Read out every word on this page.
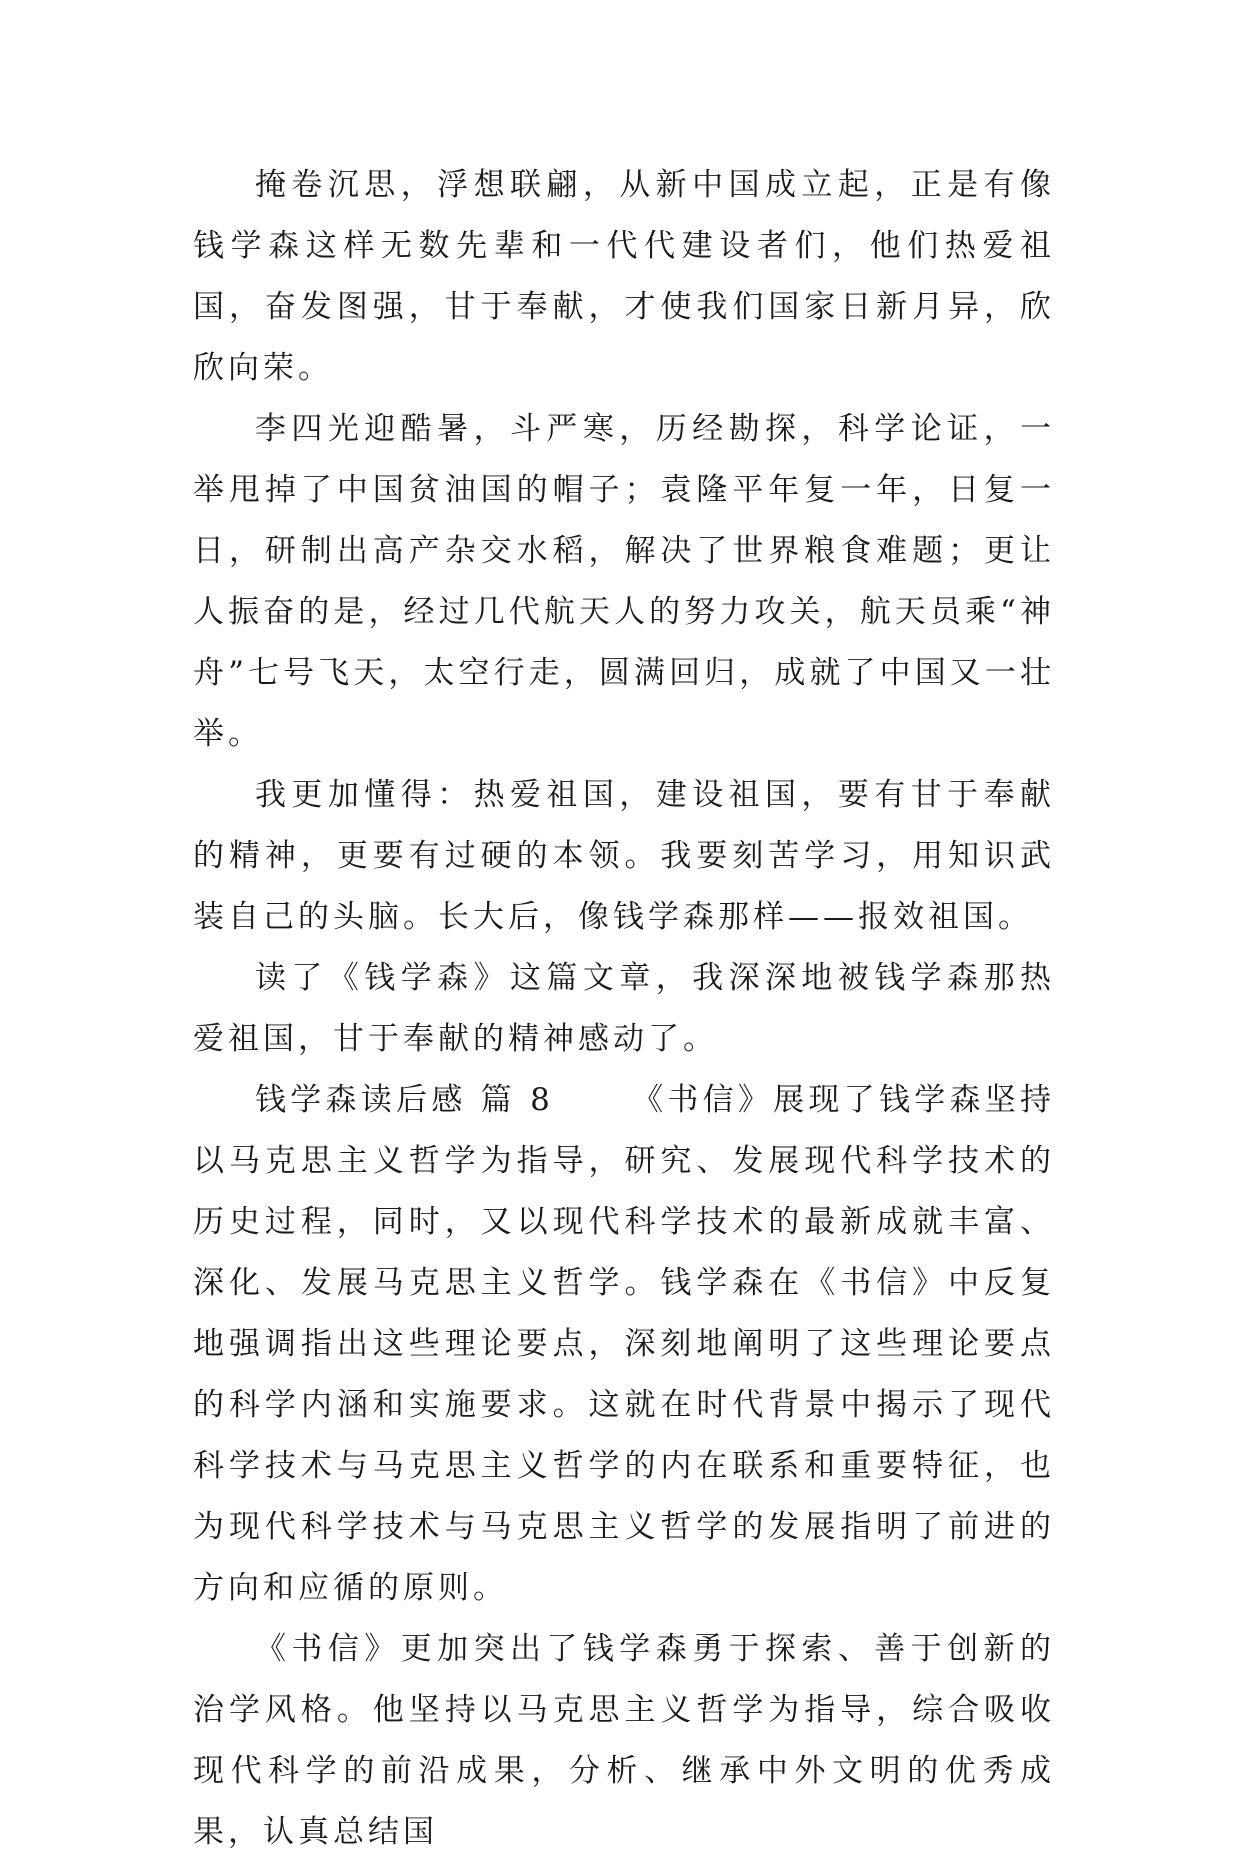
掩卷沉思，浮想联翩，从新中国成立起，正是有像钱学森这样无数先辈和一代代建设者们，他们热爱祖国，奋发图强，甘于奉献，才使我们国家日新月异，欣欣向荣。

李四光迎酷暑，斗严寒，历经勘探，科学论证，一举甩掉了中国贫油国的帽子；袁隆平年复一年，日复一日，研制出高产杂交水稻，解决了世界粮食难题；更让人振奋的是，经过几代航天人的努力攻关，航天员乘“神舟”七号飞天，太空行走，圆满回归，成就了中国又一壮举。

我更加懂得：热爱祖国，建设祖国，要有甘于奉献的精神，更要有过硬的本领。我要刻苦学习，用知识武装自己的头脑。长大后，像钱学森那样——报效祖国。

读了《钱学森》这篇文章，我深深地被钱学森那热爱祖国，甘于奉献的精神感动了。

钱学森读后感 篇 8	《书信》展现了钱学森坚持以马克思主义哲学为指导，研究、发展现代科学技术的历史过程，同时，又以现代科学技术的最新成就丰富、深化、发展马克思主义哲学。钱学森在《书信》中反复地强调指出这些理论要点，深刻地阐明了这些理论要点的科学内涵和实施要求。这就在时代背景中揭示了现代科学技术与马克思主义哲学的内在联系和重要特征，也为现代科学技术与马克思主义哲学的发展指明了前进的方向和应循的原则。

《书信》更加突出了钱学森勇于探索、善于创新的治学风格。他坚持以马克思主义哲学为指导，综合吸收现代科学的前沿成果，分析、继承中外文明的优秀成果，认真总结国
